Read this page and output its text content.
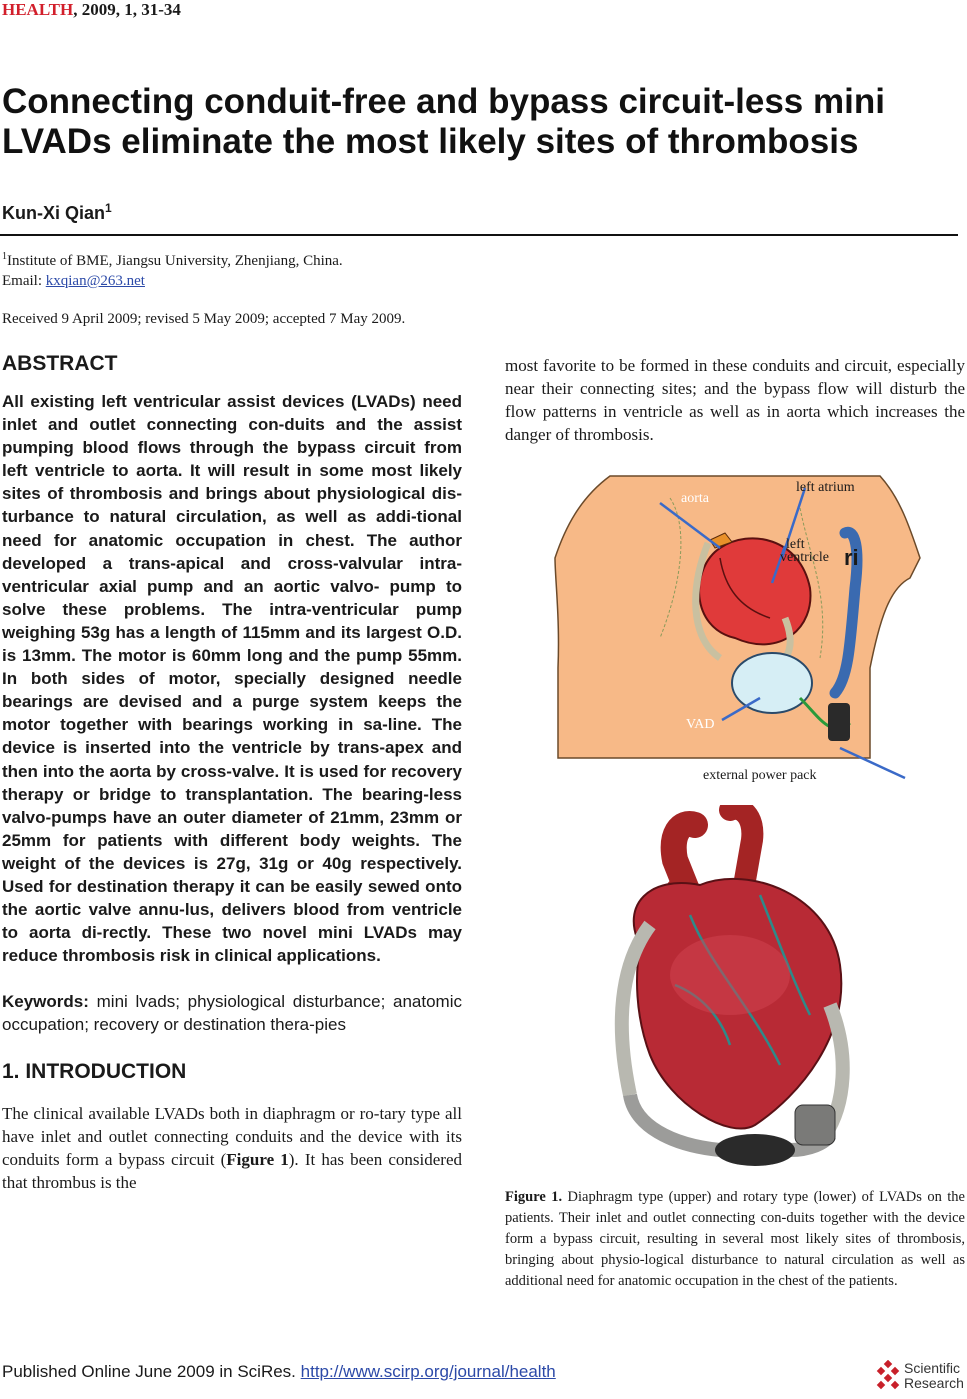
HEALTH, 2009, 1, 31-34
Connecting conduit-free and bypass circuit-less mini LVADs eliminate the most likely sites of thrombosis
Kun-Xi Qian$^1$
$^1$Institute of BME, Jiangsu University, Zhenjiang, China.
Email: kxqian@263.net
Received 9 April 2009; revised 5 May 2009; accepted 7 May 2009.
ABSTRACT

All existing left ventricular assist devices (LVADs) need inlet and outlet connecting con-duits and the assist pumping blood flows through the bypass circuit from left ventricle to aorta. It will result in some most likely sites of thrombosis and brings about physiological dis-turbance to natural circulation, as well as addi-tional need for anatomic occupation in chest. The author developed a trans-apical and cross-valvular intra-ventricular axial pump and an aortic valvo- pump to solve these problems. The intra-ventricular pump weighing 53g has a length of 115mm and its largest O.D. is 13mm. The motor is 60mm long and the pump 55mm. In both sides of motor, specially designed needle bearings are devised and a purge system keeps the motor together with bearings working in sa-line. The device is inserted into the ventricle by trans-apex and then into the aorta by cross-valve. It is used for recovery therapy or bridge to transplantation. The bearing-less valvo-pumps have an outer diameter of 21mm, 23mm or 25mm for patients with different body weights. The weight of the devices is 27g, 31g or 40g respectively. Used for destination therapy it can be easily sewed onto the aortic valve annu-lus, delivers blood from ventricle to aorta di-rectly. These two novel mini LVADs may reduce thrombosis risk in clinical applications.

Keywords: mini lvads; physiological disturbance; anatomic occupation; recovery or destination thera-pies

1. INTRODUCTION

The clinical available LVADs both in diaphragm or ro-tary type all have inlet and outlet connecting conduits and the device with its conduits form a bypass circuit (Figure 1). It has been considered that thrombus is the

most favorite to be formed in these conduits and circuit, especially near their connecting sites; and the bypass flow will disturb the flow patterns in ventricle as well as in aorta which increases the danger of thrombosis.

aorta
left atrium
left
ventricle ri
VAD
external power pack

Figure 1. Diaphragm type (upper) and rotary type (lower) of LVADs on the patients. Their inlet and outlet connecting con-duits together with the device form a bypass circuit, resulting in several most likely sites of thrombosis, bringing about physio-logical disturbance to natural circulation as well as additional need for anatomic occupation in the chest of the patients.

Published Online June 2009 in SciRes. http://www.scirp.org/journal/health	Scientific
Research
